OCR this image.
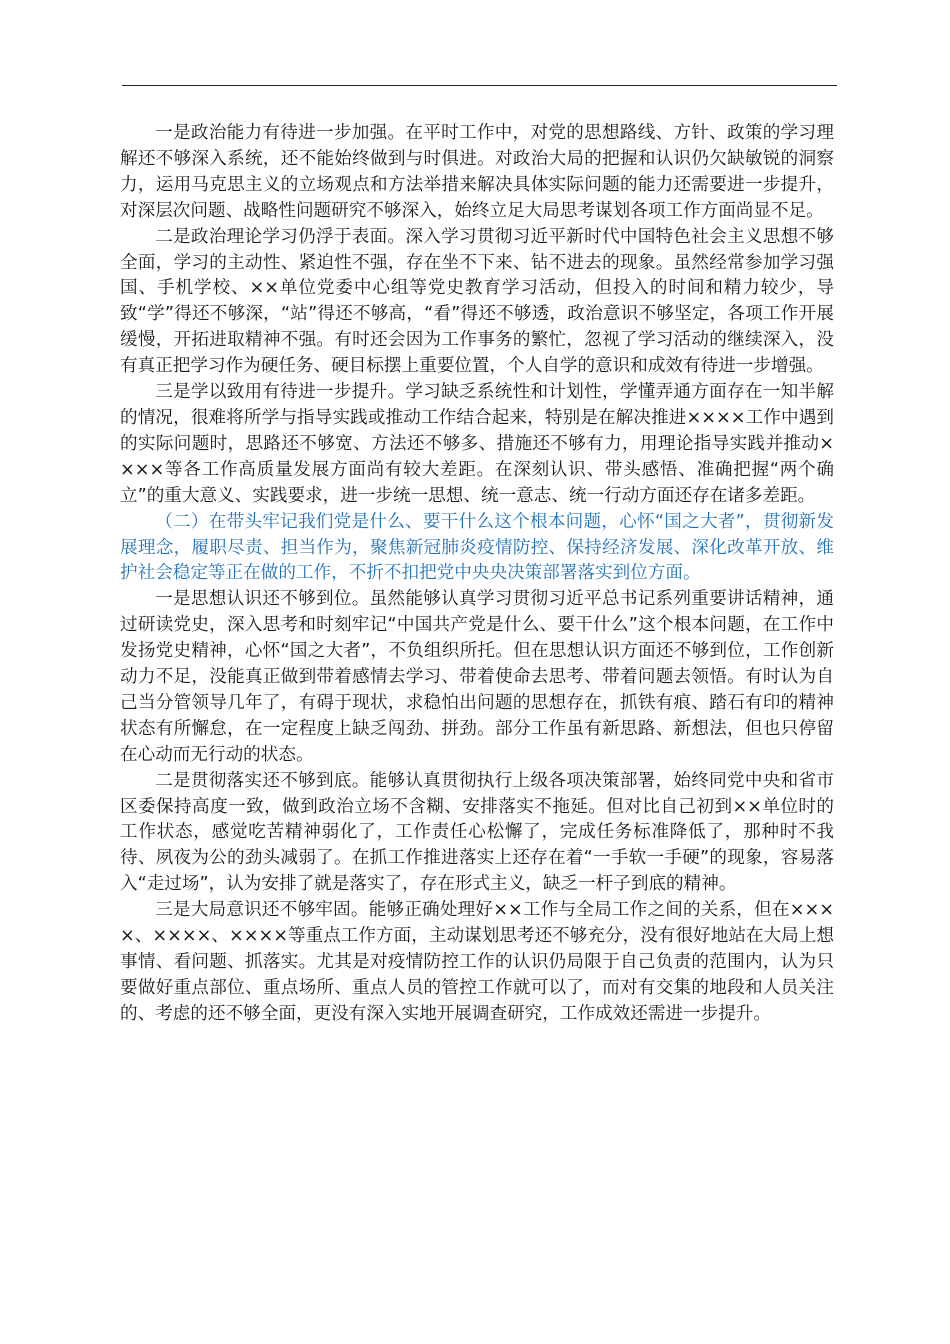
一是政治能力有待进一步加强。在平时工作中，对党的思想路线、方针、政策的学习理解还不够深入系统，还不能始终做到与时俱进。对政治大局的把握和认识仍欠缺敏锐的洞察力，运用马克思主义的立场观点和方法举措来解决具体实际问题的能力还需要进一步提升，对深层次问题、战略性问题研究不够深入，始终立足大局思考谋划各项工作方面尚显不足。

二是政治理论学习仍浮于表面。深入学习贯彻习近平新时代中国特色社会主义思想不够全面，学习的主动性、紧迫性不强，存在坐不下来、钻不进去的现象。虽然经常参加学习强国、手机学校、××单位党委中心组等党史教育学习活动，但投入的时间和精力较少，导致“学”得还不够深，“站”得还不够高，“看”得还不够透，政治意识不够坚定，各项工作开展缓慢，开拓进取精神不强。有时还会因为工作事务的繁忙，忽视了学习活动的继续深入，没有真正把学习作为硬任务、硬目标摆上重要位置，个人自学的意识和成效有待进一步增强。

三是学以致用有待进一步提升。学习缺乏系统性和计划性，学懂弄通方面存在一知半解的情况，很难将所学与指导实践或推动工作结合起来，特别是在解决推进××××工作中遇到的实际问题时，思路还不够宽、方法还不够多、措施还不够有力，用理论指导实践并推动××××等各工作高质量发展方面尚有较大差距。在深刻认识、带头感悟、准确把握“两个确立”的重大意义、实践要求，进一步统一思想、统一意志、统一行动方面还存在诸多差距。

（二）在带头牢记我们党是什么、要干什么这个根本问题，心怀“国之大者”，贯彻新发展理念，履职尽责、担当作为，聚焦新冠肺炎疫情防控、保持经济发展、深化改革开放、维护社会稳定等正在做的工作，不折不扣把党中央央决策部署落实到位方面。

一是思想认识还不够到位。虽然能够认真学习贯彻习近平总书记系列重要讲话精神，通过研读党史，深入思考和时刻牢记“中国共产党是什么、要干什么”这个根本问题，在工作中发扬党史精神，心怀“国之大者”，不负组织所托。但在思想认识方面还不够到位，工作创新动力不足，没能真正做到带着感情去学习、带着使命去思考、带着问题去领悟。有时认为自己当分管领导几年了，有碍于现状，求稳怕出问题的思想存在，抓铁有痕、踏石有印的精神状态有所懈怠，在一定程度上缺乏闯劲、拼劲。部分工作虽有新思路、新想法，但也只停留在心动而无行动的状态。

二是贯彻落实还不够到底。能够认真贯彻执行上级各项决策部署，始终同党中央和省市区委保持高度一致，做到政治立场不含糊、安排落实不拖延。但对比自己初到××单位时的工作状态，感觉吃苦精神弱化了，工作责任心松懈了，完成任务标准降低了，那种时不我待、夙夜为公的劲头减弱了。在抓工作推进落实上还存在着“一手软一手硬”的现象，容易落入“走过场”，认为安排了就是落实了，存在形式主义，缺乏一杆子到底的精神。

三是大局意识还不够牢固。能够正确处理好××工作与全局工作之间的关系，但在××××、××××、××××等重点工作方面，主动谋划思考还不够充分，没有很好地站在大局上想事情、看问题、抓落实。尤其是对疫情防控工作的认识仍局限于自己负责的范围内，认为只要做好重点部位、重点场所、重点人员的管控工作就可以了，而对有交集的地段和人员关注的、考虑的还不够全面，更没有深入实地开展调查研究，工作成效还需进一步提升。
